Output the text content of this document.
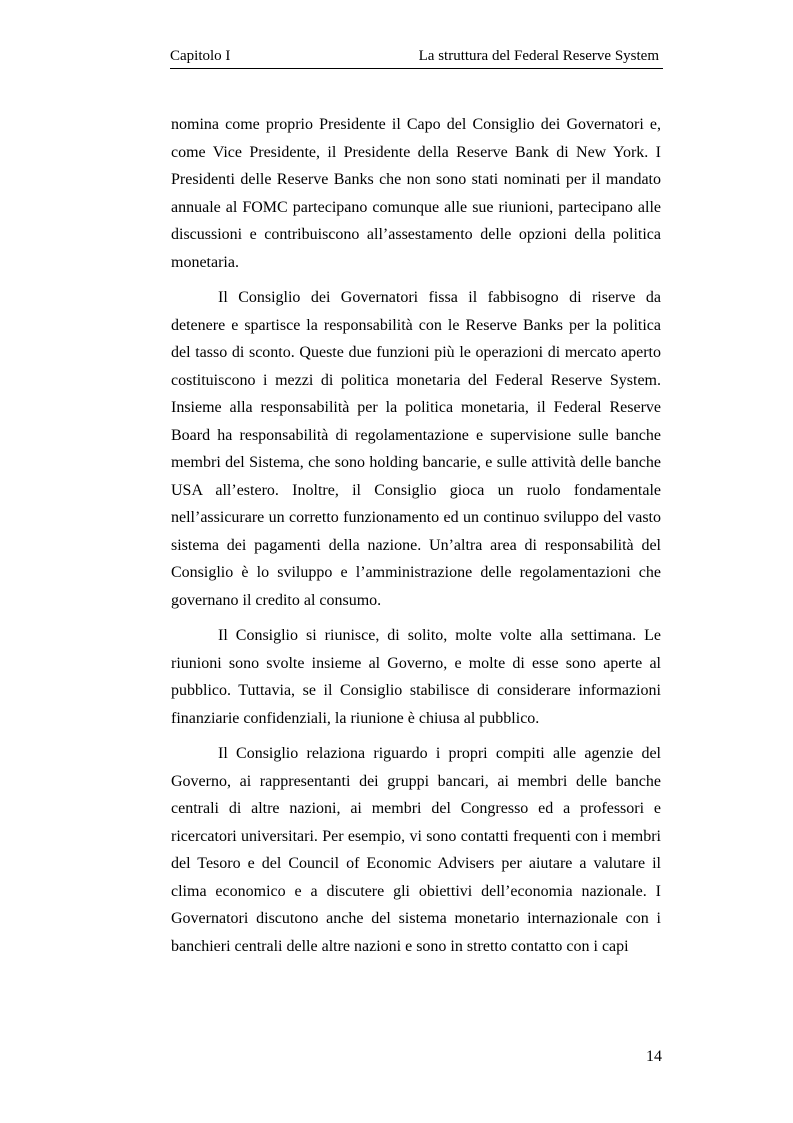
Capitolo I	La struttura del Federal Reserve System

nomina come proprio Presidente il Capo del Consiglio dei Governatori e, come Vice Presidente, il Presidente della Reserve Bank di New York. I Presidenti delle Reserve Banks che non sono stati nominati per il mandato annuale al FOMC partecipano comunque alle sue riunioni, partecipano alle discussioni e contribuiscono all’assestamento delle opzioni della politica monetaria.

Il Consiglio dei Governatori fissa il fabbisogno di riserve da detenere e spartisce la responsabilità con le Reserve Banks per la politica del tasso di sconto. Queste due funzioni più le operazioni di mercato aperto costituiscono i mezzi di politica monetaria del Federal Reserve System. Insieme alla responsabilità per la politica monetaria, il Federal Reserve Board ha responsabilità di regolamentazione e supervisione sulle banche membri del Sistema, che sono holding bancarie, e sulle attività delle banche USA all’estero. Inoltre, il Consiglio gioca un ruolo fondamentale nell’assicurare un corretto funzionamento ed un continuo sviluppo del vasto sistema dei pagamenti della nazione. Un’altra area di responsabilità del Consiglio è lo sviluppo e l’amministrazione delle regolamentazioni che governano il credito al consumo.

Il Consiglio si riunisce, di solito, molte volte alla settimana. Le riunioni sono svolte insieme al Governo, e molte di esse sono aperte al pubblico. Tuttavia, se il Consiglio stabilisce di considerare informazioni finanziarie confidenziali, la riunione è chiusa al pubblico.

Il Consiglio relaziona riguardo i propri compiti alle agenzie del Governo, ai rappresentanti dei gruppi bancari, ai membri delle banche centrali di altre nazioni, ai membri del Congresso ed a professori e ricercatori universitari. Per esempio, vi sono contatti frequenti con i membri del Tesoro e del Council of Economic Advisers per aiutare a valutare il clima economico e a discutere gli obiettivi dell’economia nazionale. I Governatori discutono anche del sistema monetario internazionale con i banchieri centrali delle altre nazioni e sono in stretto contatto con i capi

14
